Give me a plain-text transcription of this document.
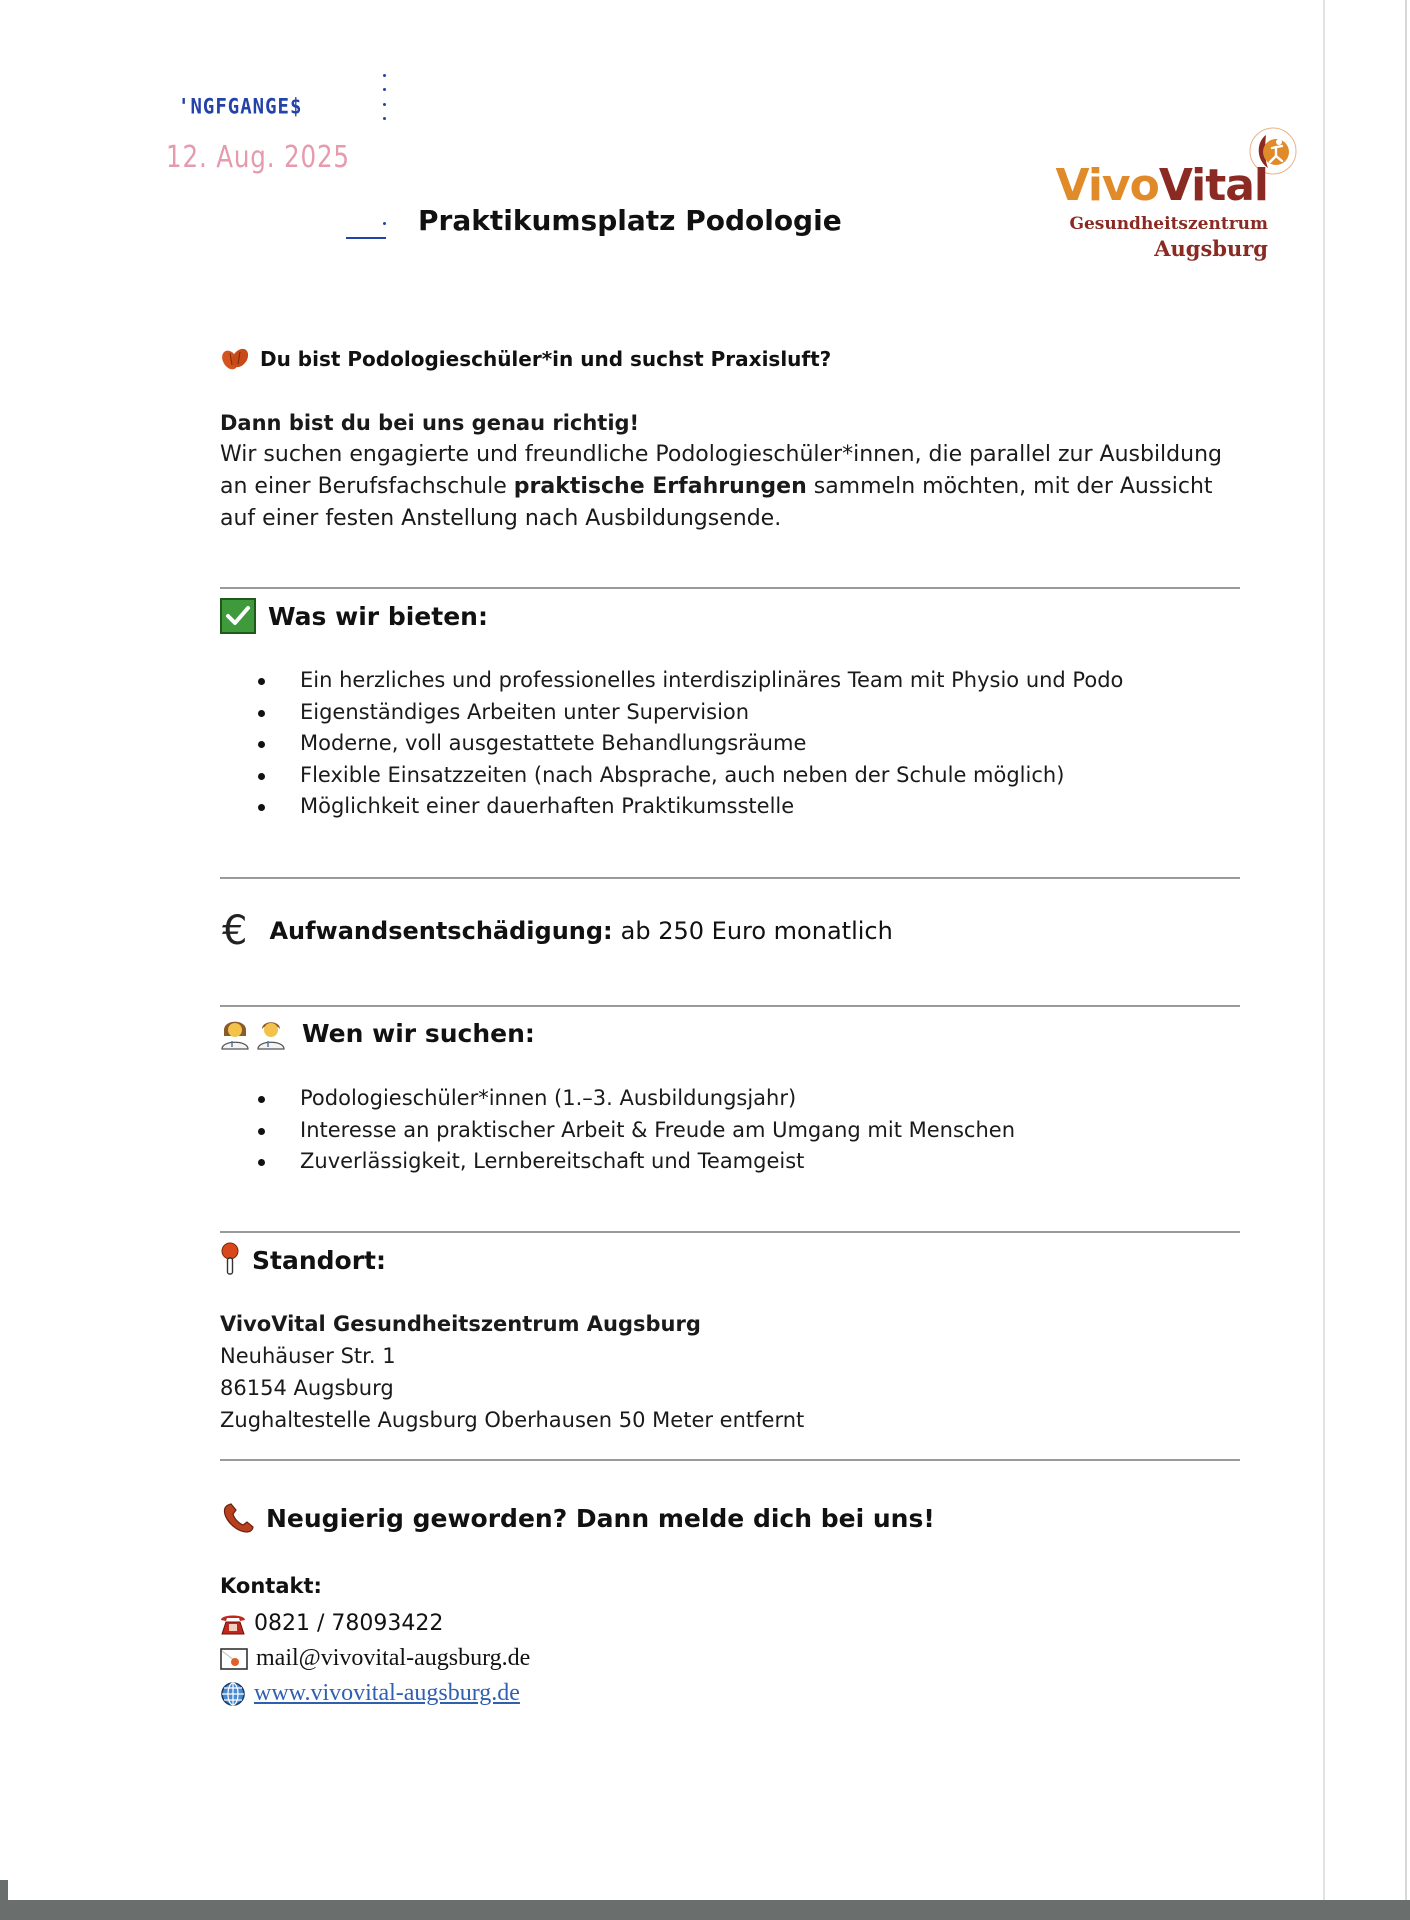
'NGFGANGE$
12. Aug. 2025
Praktikumsplatz Podologie
VivoVital
Gesundheitszentrum
Augsburg
Du bist Podologieschüler*in und suchst Praxisluft?
Dann bist du bei uns genau richtig!
Wir suchen engagierte und freundliche Podologieschüler*innen, die parallel zur Ausbildung an einer Berufsfachschule praktische Erfahrungen sammeln möchten, mit der Aussicht auf einer festen Anstellung nach Ausbildungsende.
Was wir bieten:
Ein herzliches und professionelles interdisziplinäres Team mit Physio und Podo
Eigenständiges Arbeiten unter Supervision
Moderne, voll ausgestattete Behandlungsräume
Flexible Einsatzzeiten (nach Absprache, auch neben der Schule möglich)
Möglichkeit einer dauerhaften Praktikumsstelle
€ Aufwandsentschädigung: ab 250 Euro monatlich
Wen wir suchen:
Podologieschüler*innen (1.–3. Ausbildungsjahr)
Interesse an praktischer Arbeit & Freude am Umgang mit Menschen
Zuverlässigkeit, Lernbereitschaft und Teamgeist
Standort:
VivoVital Gesundheitszentrum Augsburg
Neuhäuser Str. 1
86154 Augsburg
Zughaltestelle Augsburg Oberhausen 50 Meter entfernt
Neugierig geworden? Dann melde dich bei uns!
Kontakt:
0821 / 78093422
mail@vivovital-augsburg.de
www.vivovital-augsburg.de
